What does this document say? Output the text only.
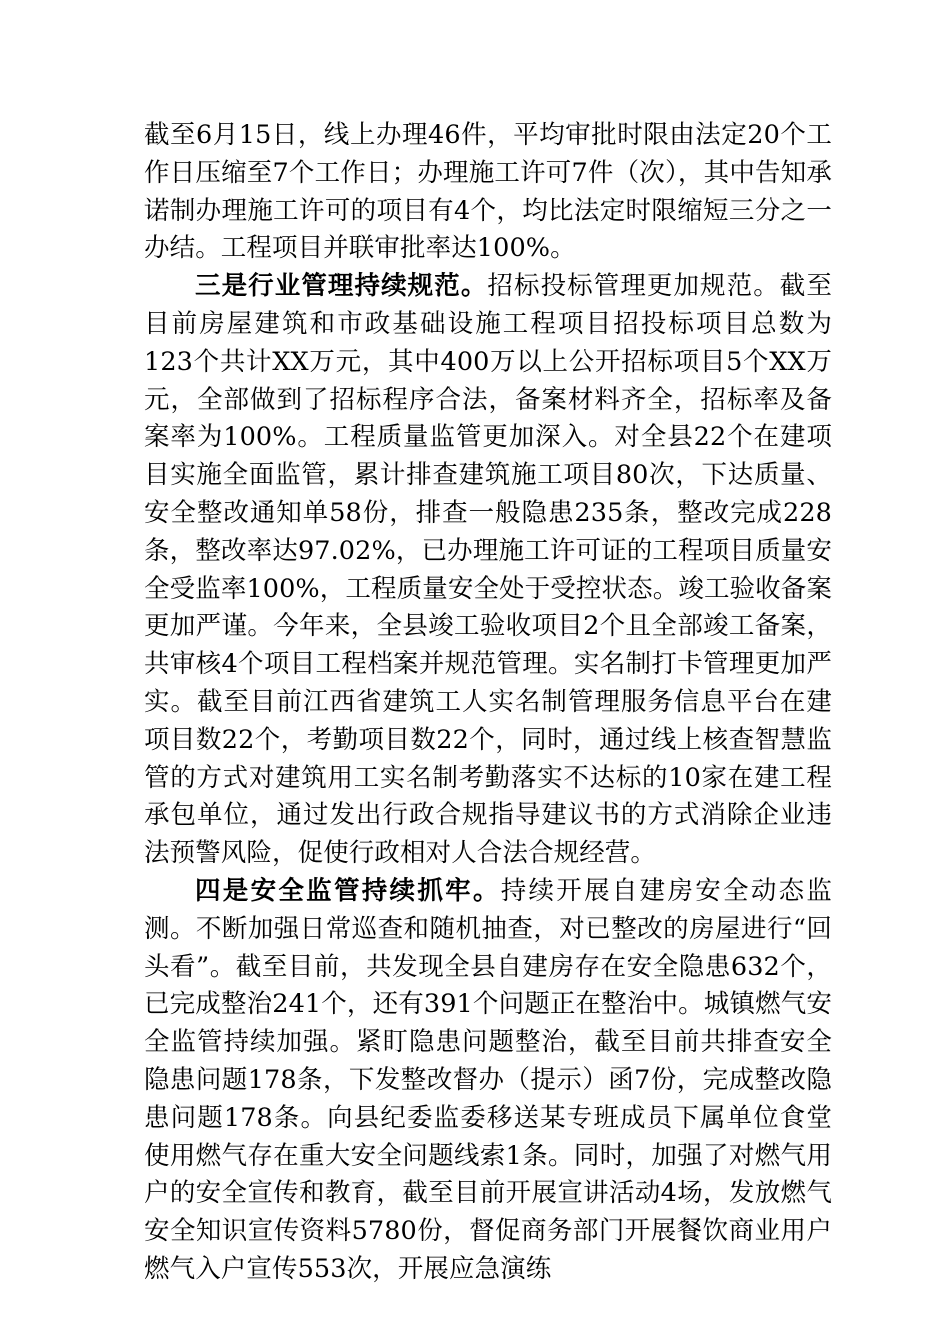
截至6月15日，线上办理46件，平均审批时限由法定20个工作日压缩至7个工作日；办理施工许可7件（次），其中告知承诺制办理施工许可的项目有4个，均比法定时限缩短三分之一办结。工程项目并联审批率达100%。

三是行业管理持续规范。招标投标管理更加规范。截至目前房屋建筑和市政基础设施工程项目招投标项目总数为123个共计XX万元，其中400万以上公开招标项目5个XX万元，全部做到了招标程序合法，备案材料齐全，招标率及备案率为100%。工程质量监管更加深入。对全县22个在建项目实施全面监管，累计排查建筑施工项目80次，下达质量、安全整改通知单58份，排查一般隐患235条，整改完成228条，整改率达97.02%，已办理施工许可证的工程项目质量安全受监率100%，工程质量安全处于受控状态。竣工验收备案更加严谨。今年来，全县竣工验收项目2个且全部竣工备案，共审核4个项目工程档案并规范管理。实名制打卡管理更加严实。截至目前江西省建筑工人实名制管理服务信息平台在建项目数22个，考勤项目数22个，同时，通过线上核查智慧监管的方式对建筑用工实名制考勤落实不达标的10家在建工程承包单位，通过发出行政合规指导建议书的方式消除企业违法预警风险，促使行政相对人合法合规经营。

四是安全监管持续抓牢。持续开展自建房安全动态监测。不断加强日常巡查和随机抽查，对已整改的房屋进行“回头看”。截至目前，共发现全县自建房存在安全隐患632个，已完成整治241个，还有391个问题正在整治中。城镇燃气安全监管持续加强。紧盯隐患问题整治，截至目前共排查安全隐患问题178条，下发整改督办（提示）函7份，完成整改隐患问题178条。向县纪委监委移送某专班成员下属单位食堂使用燃气存在重大安全问题线索1条。同时，加强了对燃气用户的安全宣传和教育，截至目前开展宣讲活动4场，发放燃气安全知识宣传资料5780份，督促商务部门开展餐饮商业用户燃气入户宣传553次，开展应急演练
